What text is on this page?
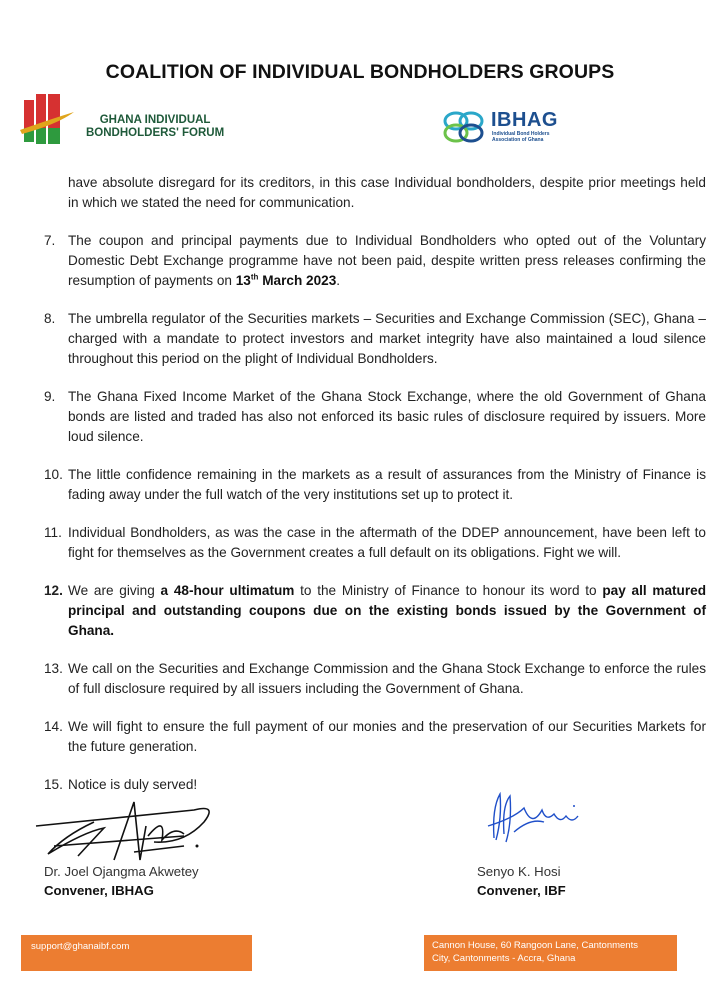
COALITION OF INDIVIDUAL BONDHOLDERS GROUPS
GHANA INDIVIDUAL
BONDHOLDERS' FORUM
IBHAG
Individual Bond Holders
Association of Ghana
have absolute disregard for its creditors, in this case Individual bondholders, despite prior meetings held in which we stated the need for communication.
7. The coupon and principal payments due to Individual Bondholders who opted out of the Voluntary Domestic Debt Exchange programme have not been paid, despite written press releases confirming the resumption of payments on 13th March 2023.
8. The umbrella regulator of the Securities markets – Securities and Exchange Commission (SEC), Ghana – charged with a mandate to protect investors and market integrity have also maintained a loud silence throughout this period on the plight of Individual Bondholders.
9. The Ghana Fixed Income Market of the Ghana Stock Exchange, where the old Government of Ghana bonds are listed and traded has also not enforced its basic rules of disclosure required by issuers. More loud silence.
10. The little confidence remaining in the markets as a result of assurances from the Ministry of Finance is fading away under the full watch of the very institutions set up to protect it.
11. Individual Bondholders, as was the case in the aftermath of the DDEP announcement, have been left to fight for themselves as the Government creates a full default on its obligations. Fight we will.
12. We are giving a 48-hour ultimatum to the Ministry of Finance to honour its word to pay all matured principal and outstanding coupons due on the existing bonds issued by the Government of Ghana.
13. We call on the Securities and Exchange Commission and the Ghana Stock Exchange to enforce the rules of full disclosure required by all issuers including the Government of Ghana.
14. We will fight to ensure the full payment of our monies and the preservation of our Securities Markets for the future generation.
15. Notice is duly served!
Dr. Joel Ojangma Akwetey
Convener, IBHAG
Senyo K. Hosi
Convener, IBF
support@ghanaibf.com	Cannon House, 60 Rangoon Lane, Cantonments
City, Cantonments - Accra, Ghana
